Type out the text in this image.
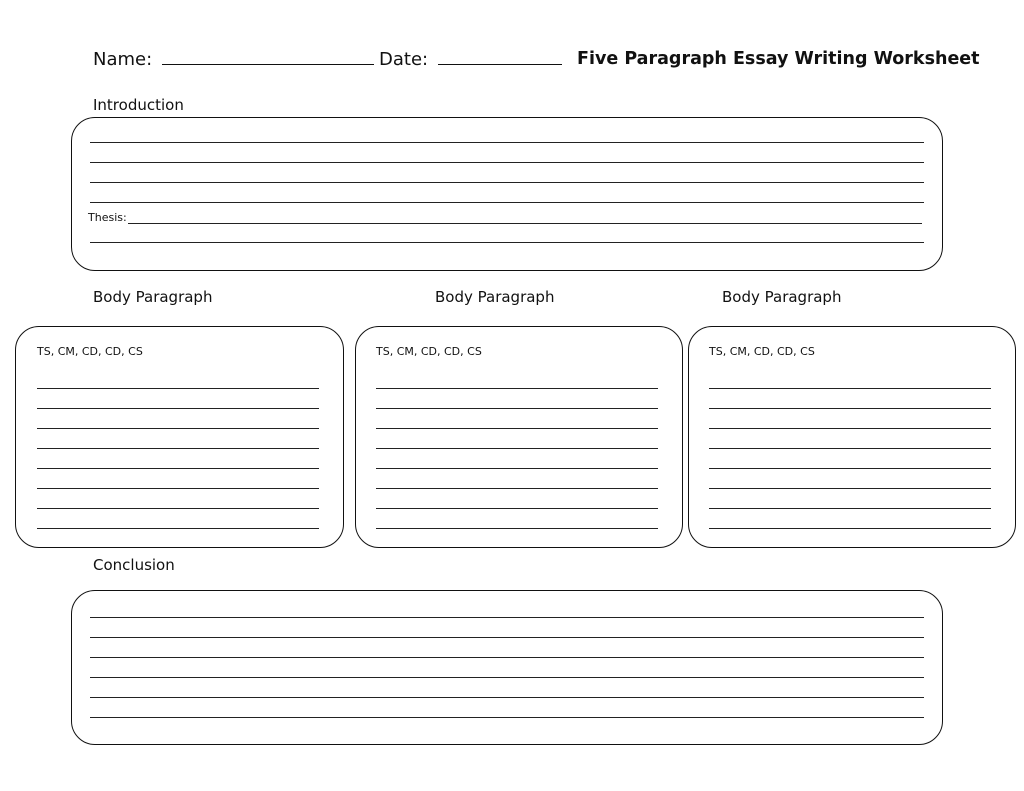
Name:	Date:	Five Paragraph Essay Writing Worksheet
Introduction
Thesis:
Body Paragraph	Body Paragraph	Body Paragraph
TS, CM, CD, CD, CS	TS, CM, CD, CD, CS	TS, CM, CD, CD, CS
Conclusion
